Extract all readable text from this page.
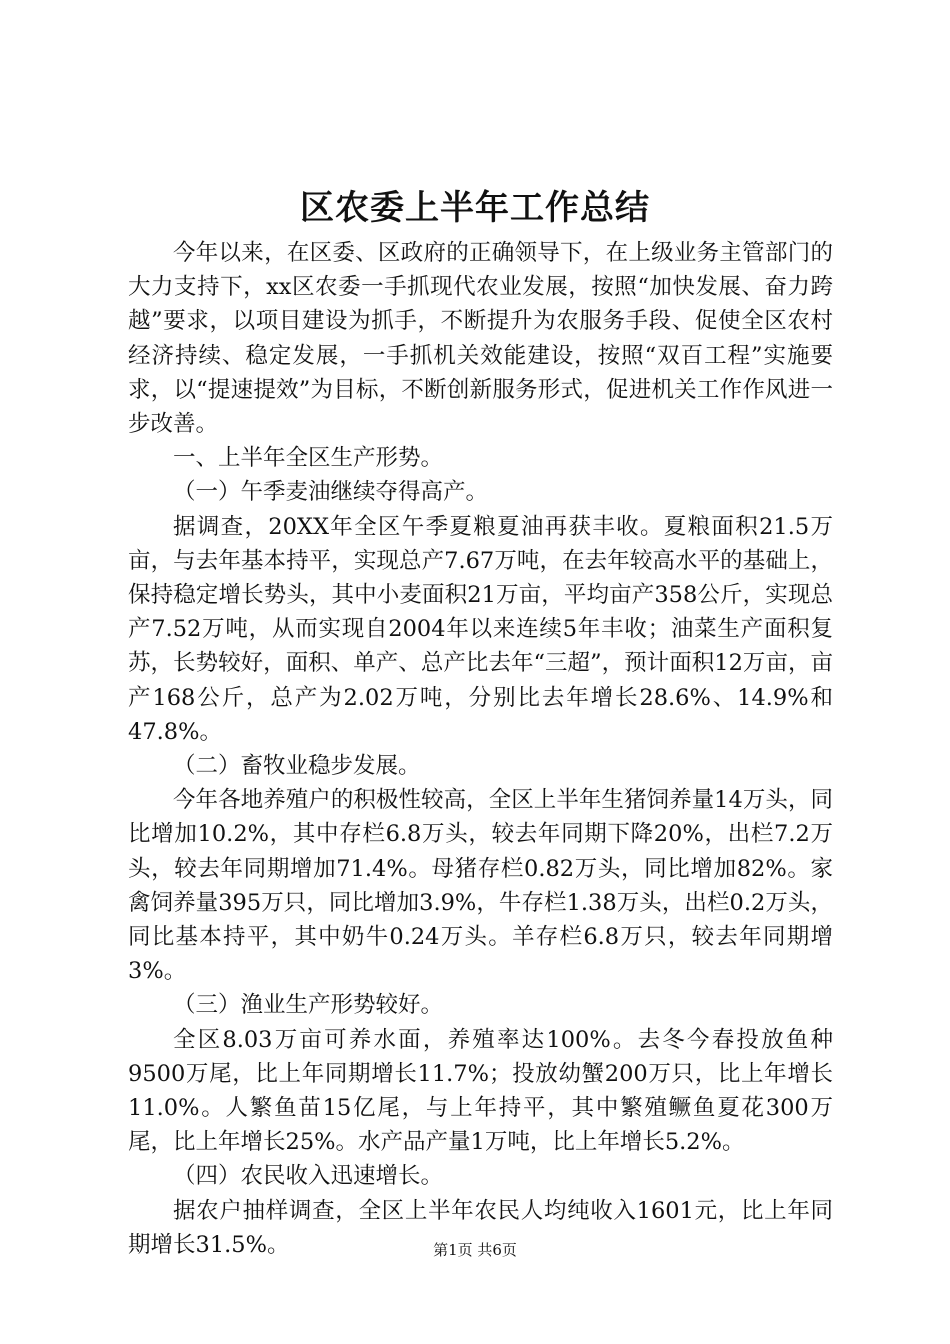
区农委上半年工作总结

今年以来，在区委、区政府的正确领导下，在上级业务主管部门的大力支持下，xx区农委一手抓现代农业发展，按照“加快发展、奋力跨越”要求，以项目建设为抓手，不断提升为农服务手段、促使全区农村经济持续、稳定发展，一手抓机关效能建设，按照“双百工程”实施要求，以“提速提效”为目标，不断创新服务形式，促进机关工作作风进一步改善。

一、上半年全区生产形势。

（一）午季麦油继续夺得高产。

据调查，20XX年全区午季夏粮夏油再获丰收。夏粮面积21.5万亩，与去年基本持平，实现总产7.67万吨，在去年较高水平的基础上，保持稳定增长势头，其中小麦面积21万亩，平均亩产358公斤，实现总产7.52万吨，从而实现自2004年以来连续5年丰收；油菜生产面积复苏，长势较好，面积、单产、总产比去年“三超”，预计面积12万亩，亩产168公斤，总产为2.02万吨，分别比去年增长28.6%、14.9%和47.8%。

（二）畜牧业稳步发展。

今年各地养殖户的积极性较高，全区上半年生猪饲养量14万头，同比增加10.2%，其中存栏6.8万头，较去年同期下降20%，出栏7.2万头，较去年同期增加71.4%。母猪存栏0.82万头，同比增加82%。家禽饲养量395万只，同比增加3.9%，牛存栏1.38万头，出栏0.2万头，同比基本持平，其中奶牛0.24万头。羊存栏6.8万只，较去年同期增3%。

（三）渔业生产形势较好。

全区8.03万亩可养水面，养殖率达100%。去冬今春投放鱼种9500万尾，比上年同期增长11.7%；投放幼蟹200万只，比上年增长11.0%。人繁鱼苗15亿尾，与上年持平，其中繁殖鳜鱼夏花300万尾，比上年增长25%。水产品产量1万吨，比上年增长5.2%。

（四）农民收入迅速增长。

据农户抽样调查，全区上半年农民人均纯收入1601元，比上年同期增长31.5%。	第1页 共6页
